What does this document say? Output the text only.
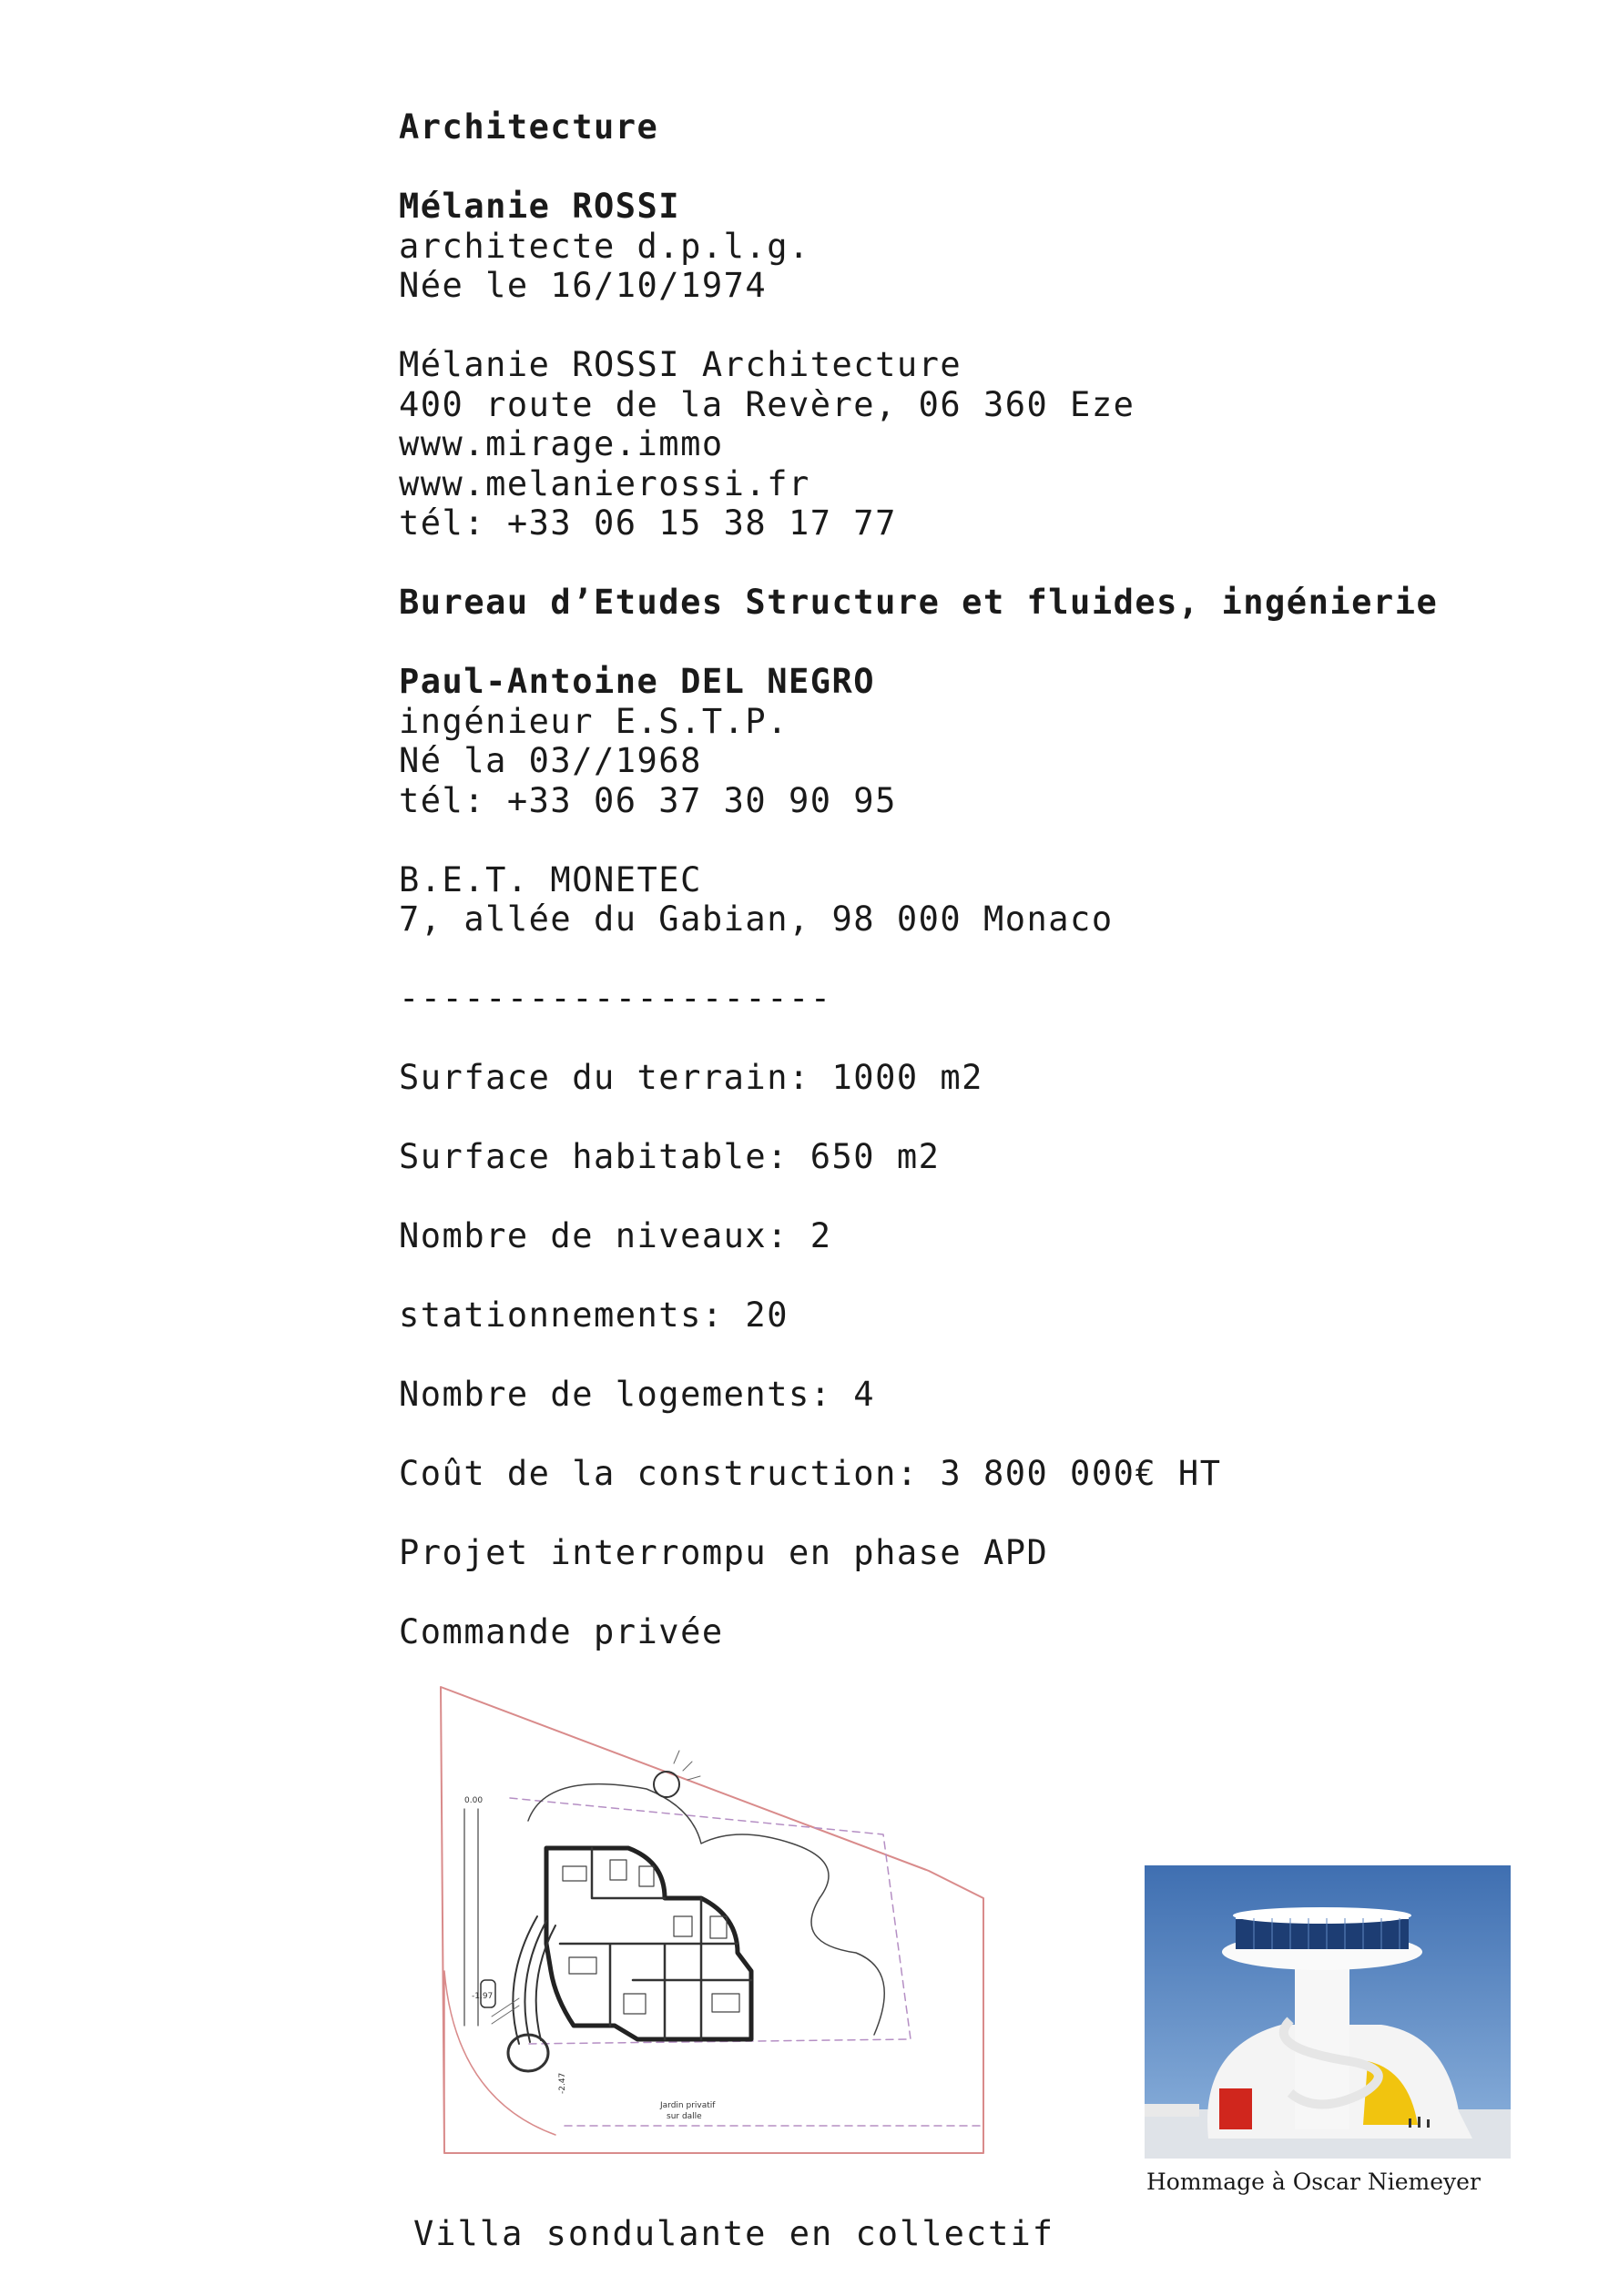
Architecture
Mélanie ROSSI
architecte d.p.l.g.
Née le 16/10/1974
Mélanie ROSSI Architecture
400 route de la Revère, 06 360 Eze
www.mirage.immo
www.melanierossi.fr
tél: +33 06 15 38 17 77
Bureau d’Etudes Structure et fluides, ingénierie
Paul-Antoine DEL NEGRO
ingénieur E.S.T.P.
Né la 03//1968
tél: +33 06 37 30 90 95
B.E.T. MONETEC
7, allée du Gabian, 98 000 Monaco
--------------------
Surface du terrain: 1000 m2
Surface habitable: 650 m2
Nombre de niveaux: 2
stationnements: 20
Nombre de logements: 4
Coût de la construction: 3 800 000€ HT
Projet interrompu en phase APD
Commande privée
0.00
-1.97
-2.47
Jardin privatif
sur dalle
Hommage à Oscar Niemeyer
Villa sondulante en collectif
